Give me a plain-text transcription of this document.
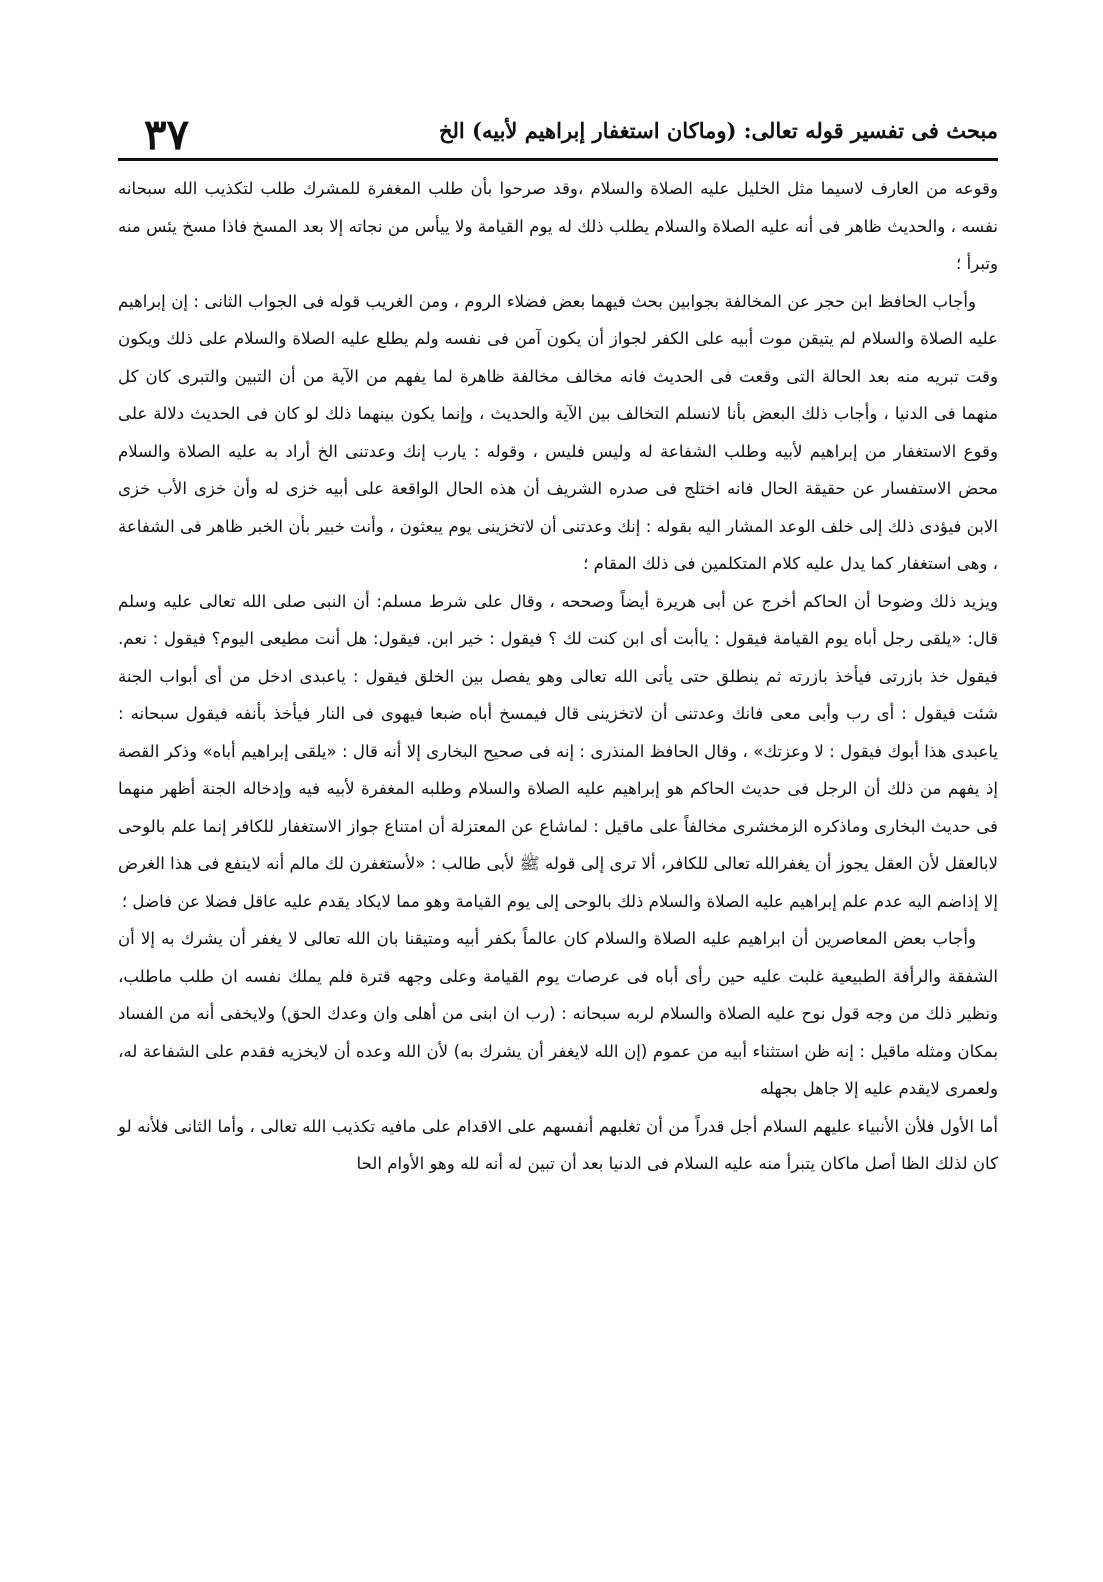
٣٧	مبحث فى تفسير قوله تعالى: (وماكان استغفار إبراهيم لأبيه) الخ

وقوعه من العارف لاسيما مثل الخليل عليه الصلاة والسلام ،وقد صرحوا بأن طلب المغفرة للمشرك طلب لتكذيب الله سبحانه نفسه ، والحديث ظاهر فى أنه عليه الصلاة والسلام يطلب ذلك له يوم القيامة ولا ييأس من نجاته إلا بعد المسخ فاذا مسخ يئس منه وتبرأ ؛

وأجاب الحافظ ابن حجر عن المخالفة بجوابين بحث فيهما بعض فضلاء الروم ، ومن الغريب قوله فى الجواب الثانى : إن إبراهيم عليه الصلاة والسلام لم يتيقن موت أبيه على الكفر لجواز أن يكون آمن فى نفسه ولم يطلع عليه الصلاة والسلام على ذلك ويكون وقت تبريه منه بعد الحالة التى وقعت فى الحديث فانه مخالف مخالفة ظاهرة لما يفهم من الآية من أن التبين والتبرى كان كل منهما فى الدنيا ، وأجاب ذلك البعض بأنا لانسلم التخالف بين الآية والحديث ، وإنما يكون بينهما ذلك لو كان فى الحديث دلالة على وقوع الاستغفار من إبراهيم لأبيه وطلب الشفاعة له وليس فليس ، وقوله : يارب إنك وعدتنى الخ أراد به عليه الصلاة والسلام محض الاستفسار عن حقيقة الحال فانه اختلج فى صدره الشريف أن هذه الحال الواقعة على أبيه خزى له وأن خزى الأب خزى الابن فيؤدى ذلك إلى خلف الوعد المشار اليه بقوله : إنك وعدتنى أن لاتخزينى يوم يبعثون ، وأنت خبير بأن الخبر ظاهر فى الشفاعة ، وهى استغفار كما يدل عليه كلام المتكلمين فى ذلك المقام ؛

ويزيد ذلك وضوحا أن الحاكم أخرج عن أبى هريرة أيضاً وصححه ، وقال على شرط مسلم: أن النبى صلى الله تعالى عليه وسلم قال: «يلقى رجل أباه يوم القيامة فيقول : ياأبت أى ابن كنت لك ؟ فيقول : خير ابن. فيقول: هل أنت مطيعى اليوم؟ فيقول : نعم. فيقول خذ بازرتى فيأخذ بازرته ثم ينطلق حتى يأتى الله تعالى وهو يفصل بين الخلق فيقول : ياعبدى ادخل من أى أبواب الجنة شئت فيقول : أى رب وأبى معى فانك وعدتنى أن لاتخزينى قال فيمسخ أباه ضبعا فيهوى فى النار فيأخذ بأنفه فيقول سبحانه : ياعبدى هذا أبوك فيقول : لا وعزتك» ، وقال الحافظ المنذرى : إنه فى صحيح البخارى إلا أنه قال : «يلقى إبراهيم أباه» وذكر القصة إذ يفهم من ذلك أن الرجل فى حديث الحاكم هو إبراهيم عليه الصلاة والسلام وطلبه المغفرة لأبيه فيه وإدخاله الجنة أظهر منهما فى حديث البخارى وماذكره الزمخشرى مخالفاً على ماقيل : لماشاع عن المعتزلة أن امتناع جواز الاستغفار للكافر إنما علم بالوحى لابالعقل لأن العقل يجوز أن يغفرالله تعالى للكافر، ألا ترى إلى قوله ﷺ لأبى طالب : «لأستغفرن لك مالم أنه لاينفع فى هذا الغرض إلا إذاضم اليه عدم علم إبراهيم عليه الصلاة والسلام ذلك بالوحى إلى يوم القيامة وهو مما لايكاد يقدم عليه عاقل فضلا عن فاضل ؛

وأجاب بعض المعاصرين أن ابراهيم عليه الصلاة والسلام كان عالماً بكفر أبيه ومتيقنا بان الله تعالى لا يغفر أن يشرك به إلا أن الشفقة والرأفة الطبيعية غلبت عليه حين رأى أباه فى عرصات يوم القيامة وعلى وجهه قترة فلم يملك نفسه ان طلب ماطلب، ونظير ذلك من وجه قول نوح عليه الصلاة والسلام لربه سبحانه : (رب ان ابنى من أهلى وان وعدك الحق) ولايخفى أنه من الفساد بمكان ومثله ماقيل : إنه ظن استثناء أبيه من عموم (إن الله لايغفر أن يشرك به) لأن الله وعده أن لايخزيه فقدم على الشفاعة له، ولعمرى لايقدم عليه إلا جاهل بجهله

أما الأول فلأن الأنبياء عليهم السلام أجل قدراً من أن تغلبهم أنفسهم على الاقدام على مافيه تكذيب الله تعالى ، وأما الثانى فلأنه لو كان لذلك الظا أصل ماكان يتبرأ منه عليه السلام فى الدنيا بعد أن تبين له أنه لله وهو الأوام الحا
